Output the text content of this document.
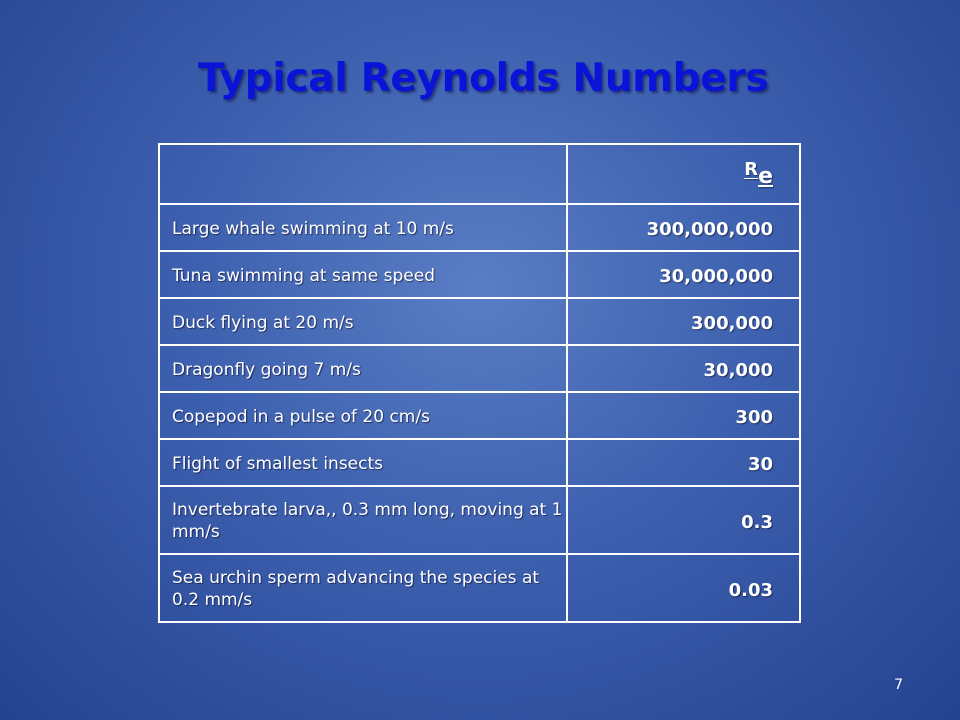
Typical Reynolds Numbers
	Re

Large whale swimming at 10 m/s	300,000,000

Tuna swimming at same speed	30,000,000

Duck flying at 20 m/s	300,000

Dragonfly going 7 m/s	30,000

Copepod in a pulse of 20 cm/s	300

Flight of smallest insects	30

Invertebrate larva,, 0.3 mm long, moving at 1 mm/s	0.3

Sea urchin sperm advancing the species at 0.2 mm/s	0.03
7
